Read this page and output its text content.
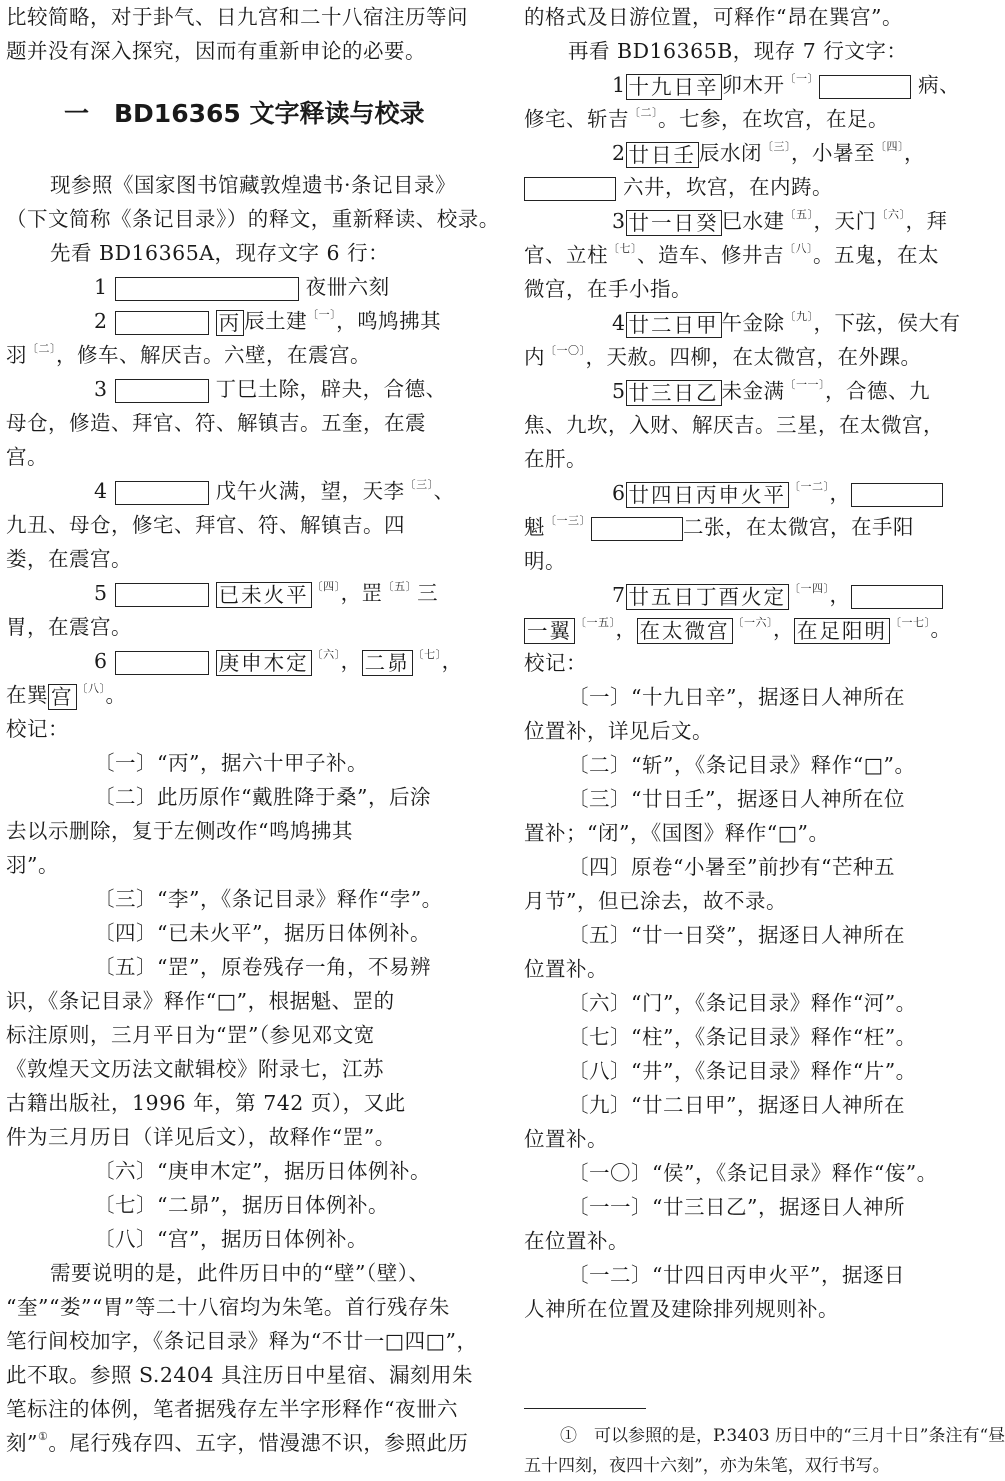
比较简略，对于卦气、日九宫和二十八宿注历等问
题并没有深入探究，因而有重新申论的必要。
一　BD16365 文字释读与校录
现参照《国家图书馆藏敦煌遗书·条记目录》
（下文简称《条记目录》）的释文，重新释读、校录。
先看 BD16365A，现存文字 6 行：
1	夜卌六刻
2	丙 辰土建$^{〔一〕}$，鸣鸠拂其
羽$^{〔二〕}$，修车、解厌吉。六壁，在震宫。
3	丁巳土除，辟夬，合德、
母仓，修造、拜官、符、解镇吉。五奎，在震
宫。
4	戊午火满，望，天李$^{〔三〕}$、
九丑、母仓，修宅、拜官、符、解镇吉。四
娄，在震宫。
5	已未火平 $^{〔四〕}$，罡$^{〔五〕}$三
胃，在震宫。
6	庚申木定 $^{〔六〕}$， 二昴 $^{〔七〕}$，
在巽 宫 $^{〔八〕}$。
校记：
〔一〕“丙”，据六十甲子补。
〔二〕此历原作“戴胜降于桑”，后涂
去以示删除，复于左侧改作“鸣鸠拂其
羽”。
〔三〕“李”，《条记目录》释作“孛”。
〔四〕“已未火平”，据历日体例补。
〔五〕“罡”，原卷残存一角，不易辨
识，《条记目录》释作“□”，根据魁、罡的
标注原则，三月平日为“罡”（参见邓文宽
《敦煌天文历法文献辑校》附录七，江苏
古籍出版社，1996 年，第 742 页），又此
件为三月历日（详见后文），故释作“罡”。
〔六〕“庚申木定”，据历日体例补。
〔七〕“二昴”，据历日体例补。
〔八〕“宫”，据历日体例补。
需要说明的是，此件历日中的“壁”（壁）、
“奎”“娄”“胃”等二十八宿均为朱笔。首行残存朱
笔行间校加字，《条记目录》释为“不廿一□四□”，
此不取。参照 S.2404 具注历日中星宿、漏刻用朱
笔标注的体例，笔者据残存左半字形释作“夜卌六
刻”①。尾行残存四、五字，惜漫漶不识，参照此历
的格式及日游位置，可释作“昂在巽宫”。
再看 BD16365B，现存 7 行文字：
1 十九日辛 卯木开$^{〔一〕}$	病、
修宅、斩吉$^{〔二〕}$。七参，在坎宫，在足。
2 廿日壬 辰水闭$^{〔三〕}$，小暑至$^{〔四〕}$，
六井，坎宫，在内踌。
3 廿一日癸 巳水建$^{〔五〕}$，天门$^{〔六〕}$，拜
官、立柱$^{〔七〕}$、造车、修井吉$^{〔八〕}$。五鬼，在太
微宫，在手小指。
4 廿二日甲 午金除$^{〔九〕}$，下弦，侯大有
内$^{〔一〇〕}$，天赦。四柳，在太微宫，在外踝。
5 廿三日乙 未金满$^{〔一一〕}$，合德、九
焦、九坎，入财、解厌吉。三星，在太微宫，
在肝。
6 廿四日丙申火平 $^{〔一二〕}$，
魁$^{〔一三〕}$	二张，在太微宫，在手阳
明。
7 廿五日丁酉火定 $^{〔一四〕}$，
一翼 $^{〔一五〕}$， 在太微宫 $^{〔一六〕}$， 在足阳明 $^{〔一七〕}$。
校记：
〔一〕“十九日辛”，据逐日人神所在
位置补，详见后文。
〔二〕“斩”，《条记目录》释作“□”。
〔三〕“廿日壬”，据逐日人神所在位
置补；“闭”，《国图》释作“□”。
〔四〕原卷“小暑至”前抄有“芒种五
月节”，但已涂去，故不录。
〔五〕“廿一日癸”，据逐日人神所在
位置补。
〔六〕“门”，《条记目录》释作“河”。
〔七〕“柱”，《条记目录》释作“枉”。
〔八〕“井”，《条记目录》释作“片”。
〔九〕“廿二日甲”，据逐日人神所在
位置补。
〔一〇〕“侯”，《条记目录》释作“侫”。
〔一一〕“廿三日乙”，据逐日人神所
在位置补。
〔一二〕“廿四日丙申火平”，据逐日
人神所在位置及建除排列规则补。
①　可以参照的是，P.3403 历日中的“三月十日”条注有“昼
五十四刻，夜四十六刻”，亦为朱笔，双行书写。
